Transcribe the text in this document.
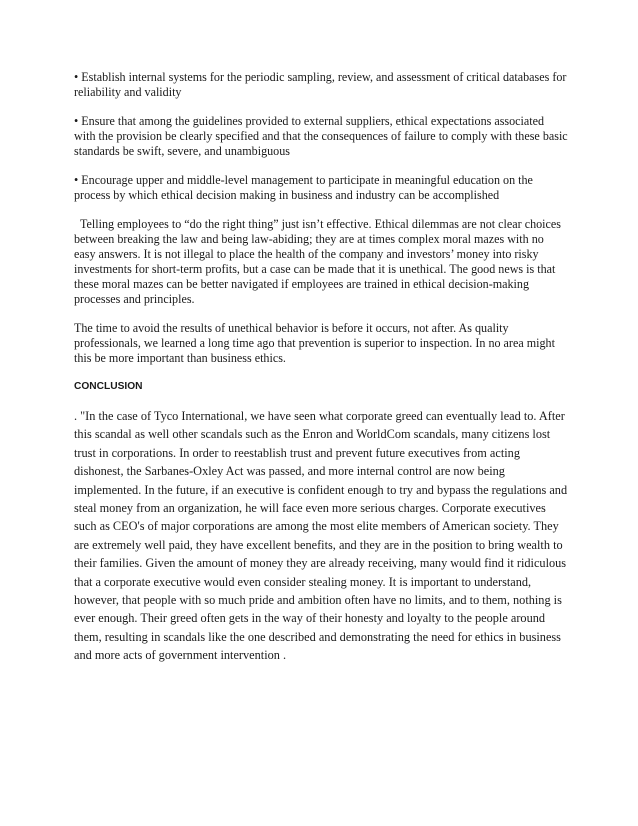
• Establish internal systems for the periodic sampling, review, and assessment of critical databases for reliability and validity

• Ensure that among the guidelines provided to external suppliers, ethical expectations associated with the provision be clearly specified and that the consequences of failure to comply with these basic standards be swift, severe, and unambiguous

• Encourage upper and middle-level management to participate in meaningful education on the process by which ethical decision making in business and industry can be accomplished

Telling employees to “do the right thing” just isn’t effective. Ethical dilemmas are not clear choices between breaking the law and being law-abiding; they are at times complex moral mazes with no easy answers. It is not illegal to place the health of the company and investors’ money into risky investments for short-term profits, but a case can be made that it is unethical. The good news is that these moral mazes can be better navigated if employees are trained in ethical decision-making processes and principles.

The time to avoid the results of unethical behavior is before it occurs, not after. As quality professionals, we learned a long time ago that prevention is superior to inspection. In no area might this be more important than business ethics.

CONCLUSION

. "In the case of Tyco International, we have seen what corporate greed can eventually lead to. After this scandal as well other scandals such as the Enron and WorldCom scandals, many citizens lost trust in corporations. In order to reestablish trust and prevent future executives from acting dishonest, the Sarbanes-Oxley Act was passed, and more internal control are now being implemented. In the future, if an executive is confident enough to try and bypass the regulations and steal money from an organization, he will face even more serious charges. Corporate executives such as CEO's of major corporations are among the most elite members of American society. They are extremely well paid, they have excellent benefits, and they are in the position to bring wealth to their families. Given the amount of money they are already receiving, many would find it ridiculous that a corporate executive would even consider stealing money. It is important to understand, however, that people with so much pride and ambition often have no limits, and to them, nothing is ever enough. Their greed often gets in the way of their honesty and loyalty to the people around them, resulting in scandals like the one described and demonstrating the need for ethics in business and more acts of government intervention .
